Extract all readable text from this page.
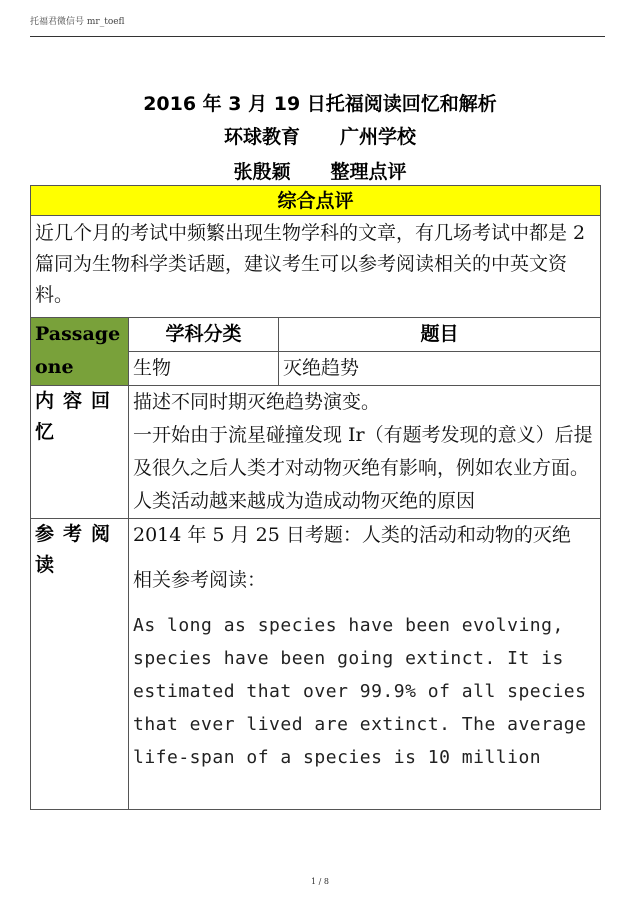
托福君微信号 mr_toefl
2016 年 3 月 19 日托福阅读回忆和解析
环球教育 广州学校
张殷颖 整理点评
综合点评		
近几个月的考试中频繁出现生物学科的文章，有几场考试中都是 2 篇同为生物科学类话题，建议考生可以参考阅读相关的中英文资料。		
Passage one	学科分类	题目
	生物	灭绝趋势
内容回忆	描述不同时期灭绝趋势演变。
一开始由于流星碰撞发现 Ir（有题考发现的意义）后提及很久之后人类才对动物灭绝有影响，例如农业方面。人类活动越来越成为造成动物灭绝的原因	

参考阅读	2014 年 5 月 25 日考题：人类的活动和动物的灭绝

相关参考阅读：

As long as species have been evolving, species have been going extinct. It is estimated that over 99.9% of all species that ever lived are extinct. The average life-span of a species is 10 million	

1 / 8
